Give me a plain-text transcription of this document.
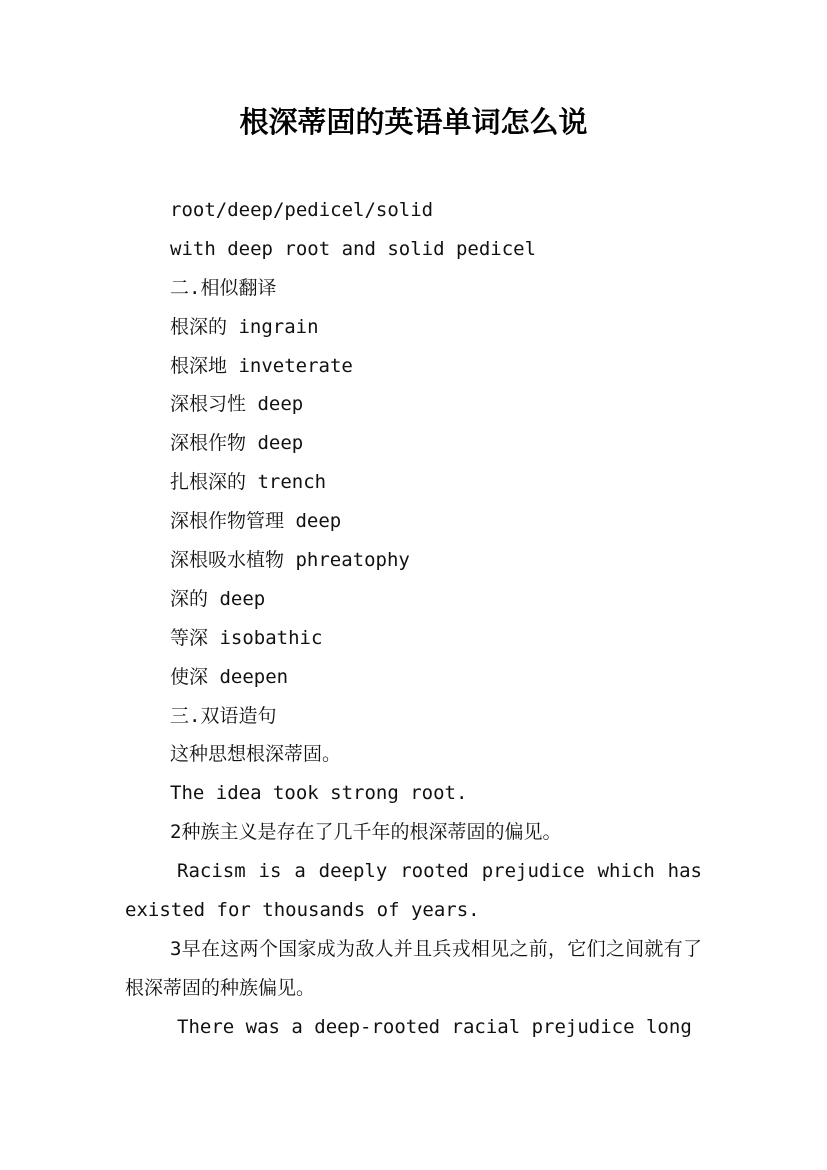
根深蒂固的英语单词怎么说
root/deep/pedicel/solid
with deep root and solid pedicel
二.相似翻译
根深的 ingrain
根深地 inveterate
深根习性 deep
深根作物 deep
扎根深的 trench
深根作物管理 deep
深根吸水植物 phreatophy
深的 deep
等深 isobathic
使深 deepen
三.双语造句
这种思想根深蒂固。
The idea took strong root.
2种族主义是存在了几千年的根深蒂固的偏见。
Racism is a deeply rooted prejudice which has existed for thousands of years.
3早在这两个国家成为敌人并且兵戎相见之前，它们之间就有了根深蒂固的种族偏见。
There was a deep-rooted racial prejudice long
